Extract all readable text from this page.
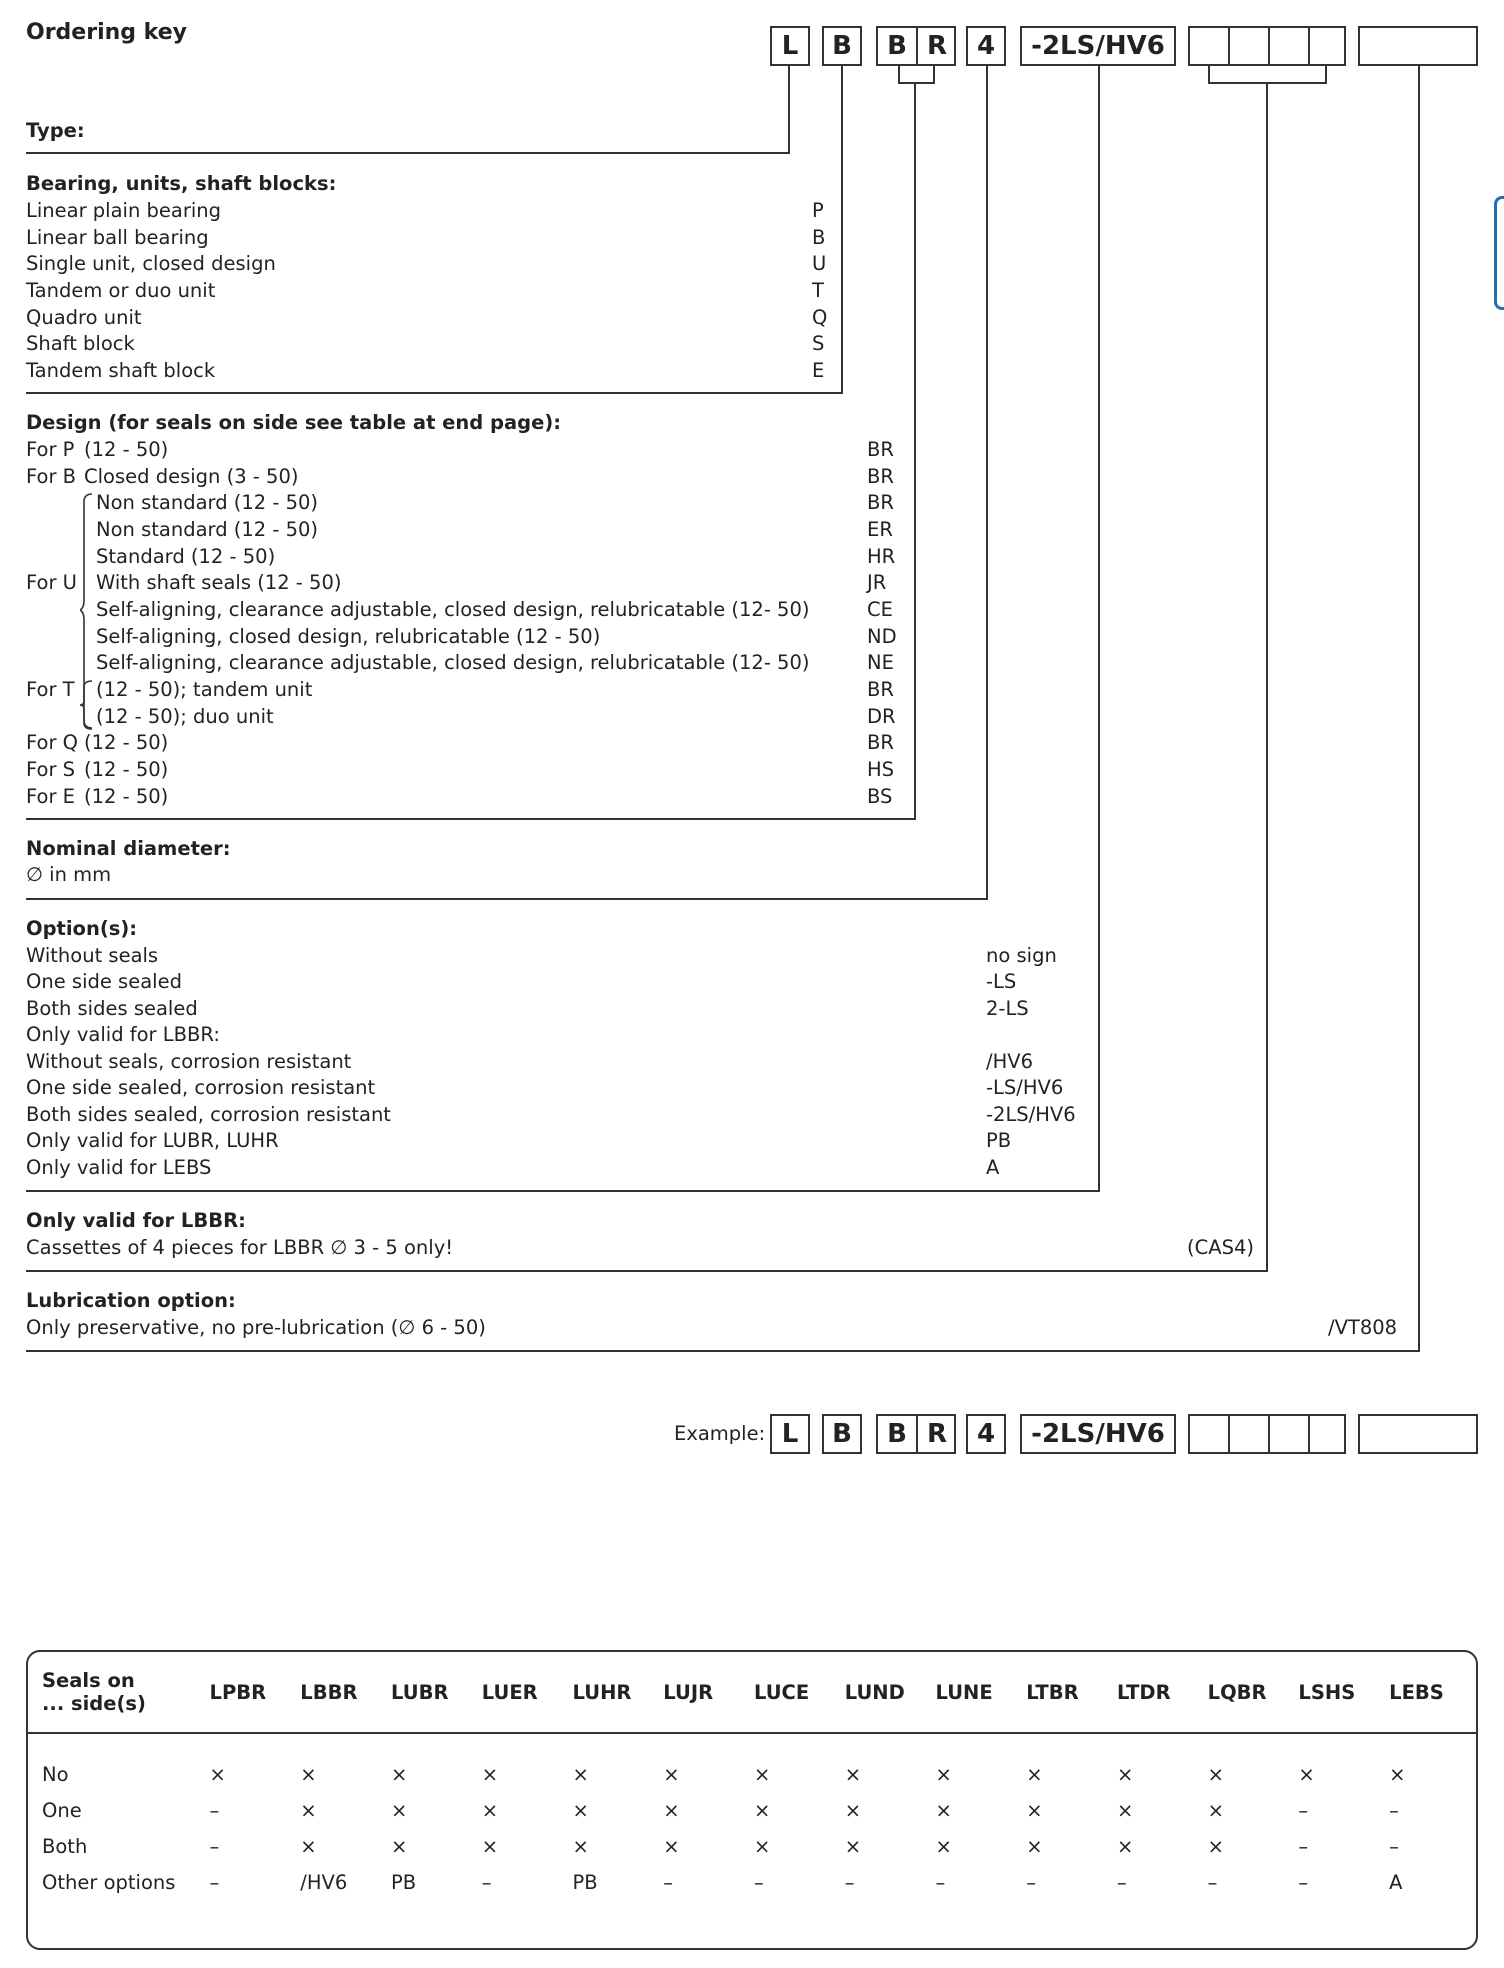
Ordering key	L	B	B R	4	-2LS/HV6
Type:
Bearing, units, shaft blocks:
Linear plain bearing	P
Linear ball bearing	B
Single unit, closed design	U
Tandem or duo unit	T
Quadro unit	Q
Shaft block	S
Tandem shaft block	E
Design (for seals on side see table at end page):
For P (12 - 50)	BR
For B Closed design (3 - 50)	BR
Non standard (12 - 50)	BR
Non standard (12 - 50)	ER
Standard (12 - 50)	HR
For U With shaft seals (12 - 50)	JR
Self-aligning, clearance adjustable, closed design, relubricatable (12- 50)	CE
Self-aligning, closed design, relubricatable (12 - 50)	ND
Self-aligning, clearance adjustable, closed design, relubricatable (12- 50)	NE
For T (12 - 50); tandem unit	BR
(12 - 50); duo unit	DR
For Q (12 - 50)	BR
For S (12 - 50)	HS
For E (12 - 50)	BS
Nominal diameter:
∅ in mm
Option(s):
Without seals	no sign
One side sealed	-LS
Both sides sealed	2-LS
Only valid for LBBR:
Without seals, corrosion resistant	/HV6
One side sealed, corrosion resistant	-LS/HV6
Both sides sealed, corrosion resistant	-2LS/HV6
Only valid for LUBR, LUHR	PB
Only valid for LEBS	A
Only valid for LBBR:
Cassettes of 4 pieces for LBBR ∅ 3 - 5 only!	(CAS4)
Lubrication option:
Only preservative, no pre-lubrication (∅ 6 - 50)	/VT808
Example: L	B	B R	4	-2LS/HV6
Seals on ... side(s)	LPBR	LBBR	LUBR	LUER	LUHR	LUJR	LUCE	LUND	LUNE	LTBR	LTDR	LQBR	LSHS	LEBS
No	×	×	×	×	×	×	×	×	×	×	×	×	×	×
One	–	×	×	×	×	×	×	×	×	×	×	×	–	–
Both	–	×	×	×	×	×	×	×	×	×	×	×	–	–
Other options	–	/HV6	PB	–	PB	–	–	–	–	–	–	–	–	A
